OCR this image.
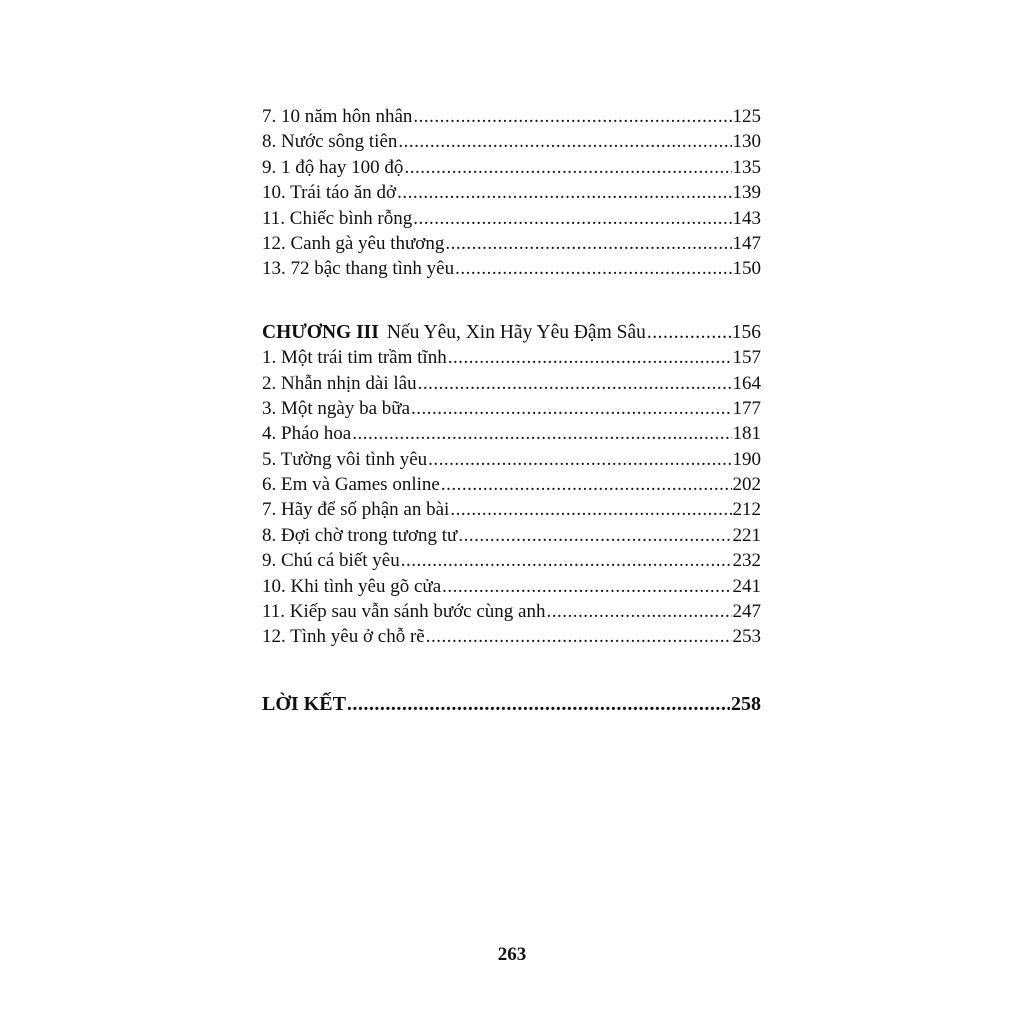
7. 10 năm hôn nhân .....	125
8. Nước sông tiên .....	130
9. 1 độ hay 100 độ .....	135
10. Trái táo ăn dở .....	139
11. Chiếc bình rỗng .....	143
12. Canh gà yêu thương .....	147
13. 72 bậc thang tình yêu .....	150
CHƯƠNG III Nếu Yêu, Xin Hãy Yêu Đậm Sâu .....	156
1. Một trái tim trầm tĩnh .....	157
2. Nhẫn nhịn dài lâu .....	164
3. Một ngày ba bữa .....	177
4. Pháo hoa .....	181
5. Tường vôi tình yêu .....	190
6. Em và Games online .....	202
7. Hãy để số phận an bài .....	212
8. Đợi chờ trong tương tư .....	221
9. Chú cá biết yêu .....	232
10. Khi tình yêu gõ cửa .....	241
11. Kiếp sau vẫn sánh bước cùng anh .....	247
12. Tình yêu ở chỗ rẽ .....	253
LỜI KẾT .....	258
263
